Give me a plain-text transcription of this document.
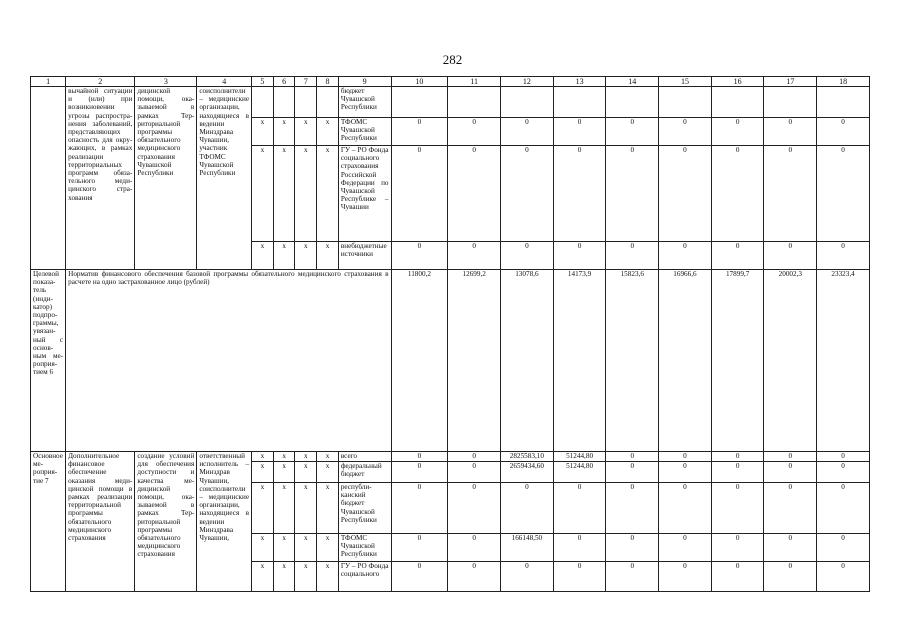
282
1	2	3	4	5	6	7	8	9	10	11	12	13	14	15	16	17	18
	вычайной ситуации и (или) при возникновении угрозы распространения заболеваний, представляющих опасность для окружающих, в рамках реализации территориальных программ обязательного медицинского страхования	дицинской помощи, оказываемой в рамках Территориальной программы обязательного медицинского страхования Чувашской Республики	соисполнители – медицинские организации, находящиеся в ведении Минздрава Чувашии, участник ТФОМС Чувашской Республики					бюджет Чувашской Республики									
				x	x	x	x	ТФОМС Чувашской Республики	0	0	0	0	0	0	0	0	0
				x	x	x	x	ГУ – РО Фонда социального страхования Российской Федерации по Чувашской Республике – Чувашии	0	0	0	0	0	0	0	0	0
				x	x	x	x	внебюджетные источники	0	0	0	0	0	0	0	0	0
Целевой показатель (индикатор) подпрограммы, увязанный с основным мероприятием 6	Норматив финансового обеспечения базовой программы обязательного медицинского страхования в расчете на одно застрахованное лицо (рублей)								11800,2	12699,2	13078,6	14173,9	15823,6	16966,6	17899,7	20002,3	23323,4
Основное мероприятие 7	Дополнительное финансовое обеспечение оказания медицинской помощи в рамках реализации территориальной программы обязательного медицинского страхования	создание условий для обеспечения доступности и качества медицинской помощи, оказываемой в рамках Территориальной программы обязательного медицинского страхования	ответственный исполнитель – Минздрав Чувашии, соисполнители – медицинские организации, находящиеся в ведении Минздрава Чувашии,	x	x	x	x	всего	0	0	2825583,10	51244,80	0	0	0	0	0
				x	x	x	x	федеральный бюджет	0	0	2659434,60	51244,80	0	0	0	0	0
				x	x	x	x	республиканский бюджет Чувашской Республики	0	0	0	0	0	0	0	0	0
				x	x	x	x	ТФОМС Чувашской Республики	0	0	166148,50	0	0	0	0	0	0
				x	x	x	x	ГУ – РО Фонда социального	0	0	0	0	0	0	0	0	0
